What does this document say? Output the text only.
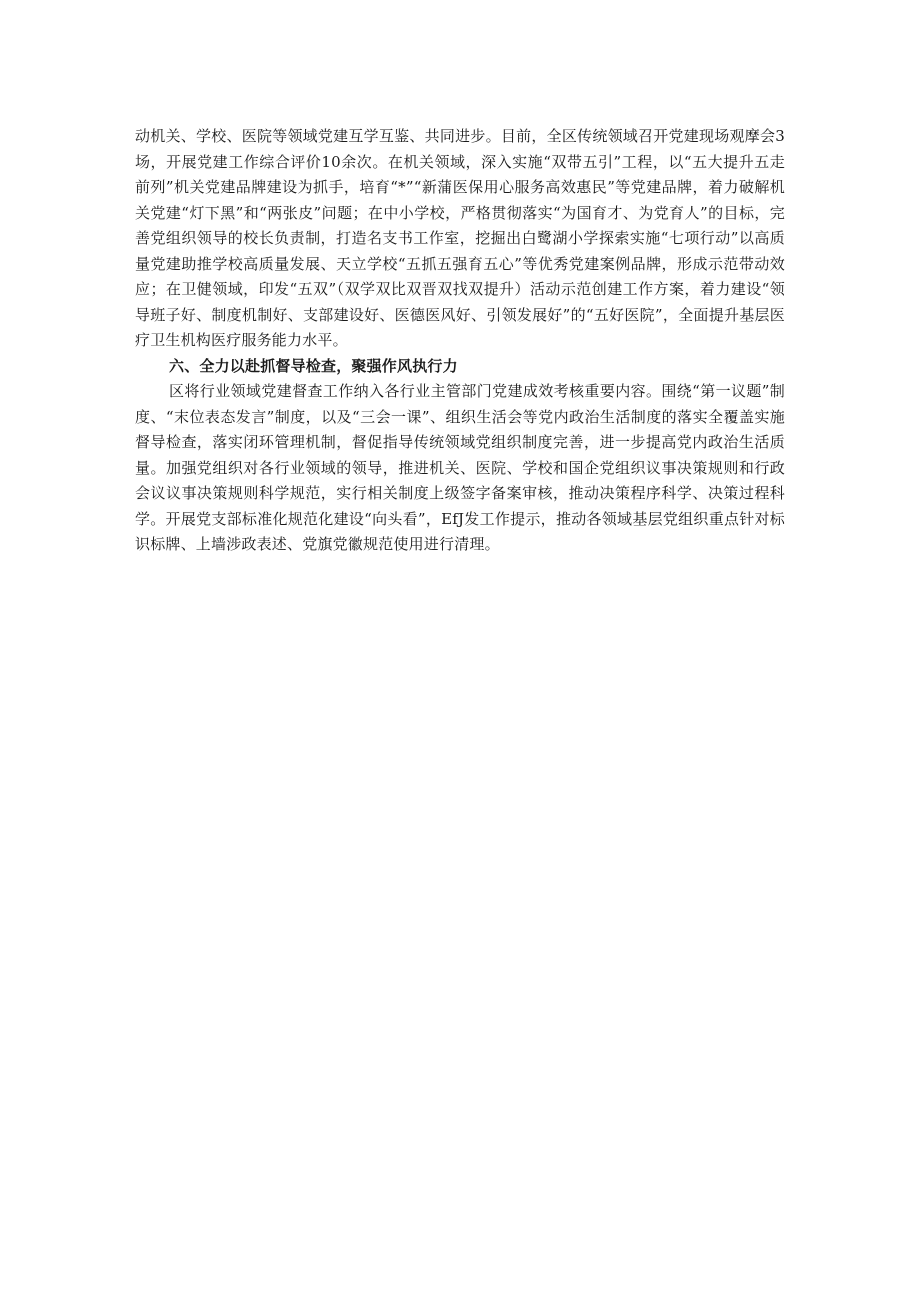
动机关、学校、医院等领域党建互学互鉴、共同进步。目前，全区传统领域召开党建现场观摩会3场，开展党建工作综合评价10余次。在机关领域，深入实施“双带五引”工程，以“五大提升五走前列”机关党建品牌建设为抓手，培育“*”“新蒲医保用心服务高效惠民”等党建品牌，着力破解机关党建“灯下黑”和“两张皮”问题；在中小学校，严格贯彻落实“为国育才、为党育人”的目标，完善党组织领导的校长负责制，打造名支书工作室，挖掘出白鹭湖小学探索实施“七项行动”以高质量党建助推学校高质量发展、天立学校“五抓五强育五心”等优秀党建案例品牌，形成示范带动效应；在卫健领域，印发“五双”（双学双比双晋双找双提升）活动示范创建工作方案，着力建设“领导班子好、制度机制好、支部建设好、医德医风好、引领发展好”的“五好医院”，全面提升基层医疗卫生机构医疗服务能力水平。

六、全力以赴抓督导检查，聚强作风执行力

区将行业领域党建督查工作纳入各行业主管部门党建成效考核重要内容。围绕“第一议题”制度、“末位表态发言”制度，以及“三会一课”、组织生活会等党内政治生活制度的落实全覆盖实施督导检查，落实闭环管理机制，督促指导传统领域党组织制度完善，进一步提高党内政治生活质量。加强党组织对各行业领域的领导，推进机关、医院、学校和国企党组织议事决策规则和行政会议议事决策规则科学规范，实行相关制度上级签字备案审核，推动决策程序科学、决策过程科学。开展党支部标准化规范化建设“向头看”，EfJ发工作提示，推动各领域基层党组织重点针对标识标牌、上墙涉政表述、党旗党徽规范使用进行清理。
